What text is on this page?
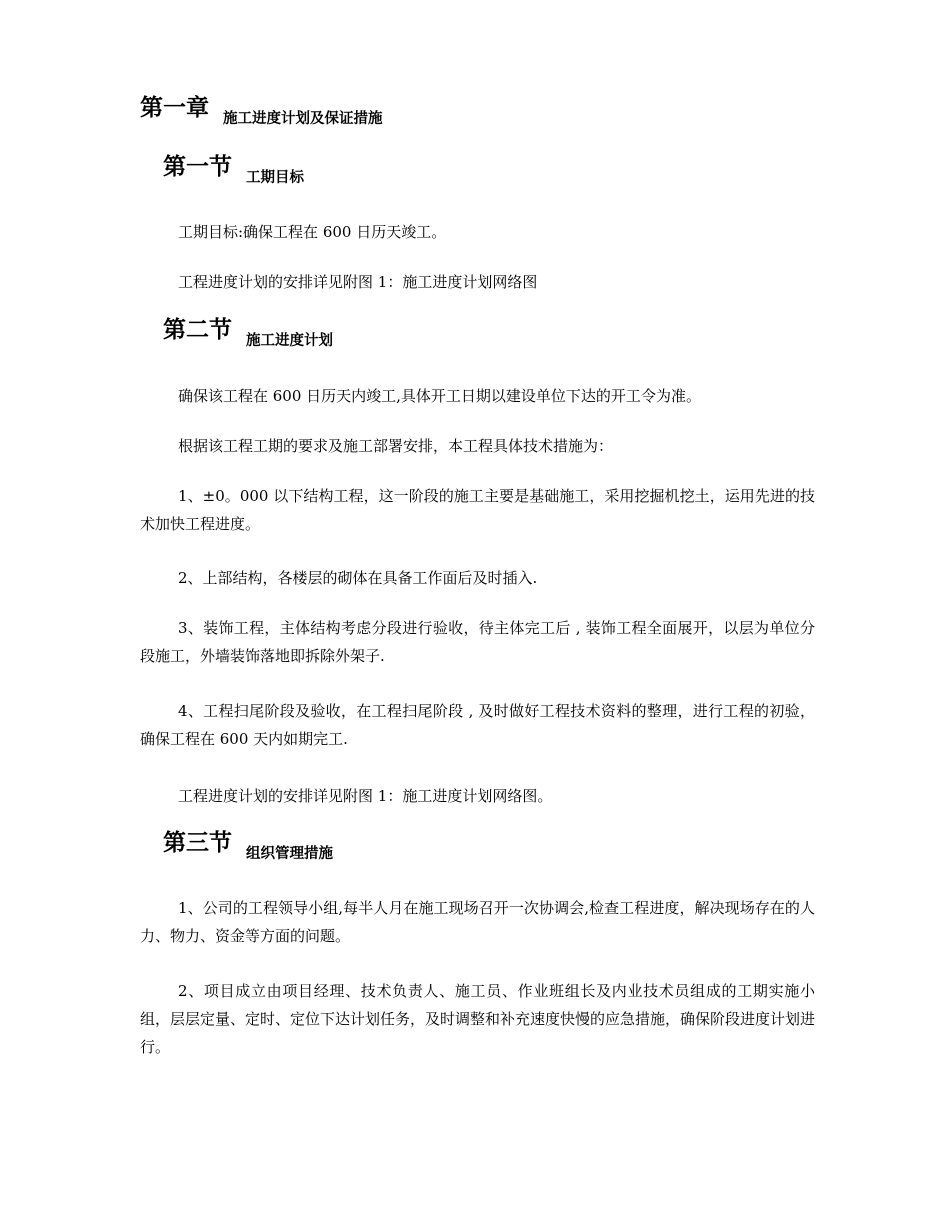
第一章 施工进度计划及保证措施
第一节 工期目标

工期目标:确保工程在 600 日历天竣工。

工程进度计划的安排详见附图 1：施工进度计划网络图

第二节 施工进度计划

确保该工程在 600 日历天内竣工,具体开工日期以建设单位下达的开工令为准。

根据该工程工期的要求及施工部署安排，本工程具体技术措施为：

1、±0。000 以下结构工程，这一阶段的施工主要是基础施工，采用挖掘机挖土，运用先进的技术加快工程进度。

2、上部结构，各楼层的砌体在具备工作面后及时插入.

3、装饰工程，主体结构考虑分段进行验收，待主体完工后 , 装饰工程全面展开，以层为单位分段施工，外墙装饰落地即拆除外架子.

4、工程扫尾阶段及验收，在工程扫尾阶段 , 及时做好工程技术资料的整理，进行工程的初验，确保工程在 600 天内如期完工.

工程进度计划的安排详见附图 1：施工进度计划网络图。

第三节 组织管理措施

1、公司的工程领导小组,每半人月在施工现场召开一次协调会,检查工程进度，解决现场存在的人力、物力、资金等方面的问题。

2、项目成立由项目经理、技术负责人、施工员、作业班组长及内业技术员组成的工期实施小组，层层定量、定时、定位下达计划任务，及时调整和补充速度快慢的应急措施，确保阶段进度计划进行。
